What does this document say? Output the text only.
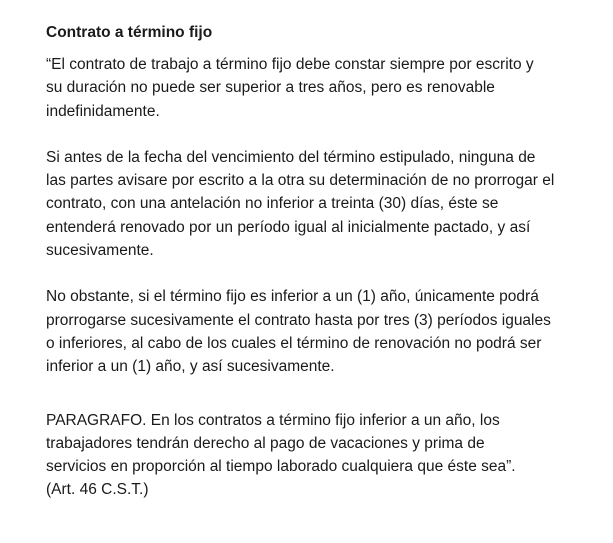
Contrato a término fijo

“El contrato de trabajo a término fijo debe constar siempre por escrito y
su duración no puede ser superior a tres años, pero es renovable
indefinidamente.

Si antes de la fecha del vencimiento del término estipulado, ninguna de
las partes avisare por escrito a la otra su determinación de no prorrogar el
contrato, con una antelación no inferior a treinta (30) días, éste se
entenderá renovado por un período igual al inicialmente pactado, y así
sucesivamente.

No obstante, si el término fijo es inferior a un (1) año, únicamente podrá
prorrogarse sucesivamente el contrato hasta por tres (3) períodos iguales
o inferiores, al cabo de los cuales el término de renovación no podrá ser
inferior a un (1) año, y así sucesivamente.

PARAGRAFO. En los contratos a término fijo inferior a un año, los
trabajadores tendrán derecho al pago de vacaciones y prima de
servicios en proporción al tiempo laborado cualquiera que éste sea”.
(Art. 46 C.S.T.)
